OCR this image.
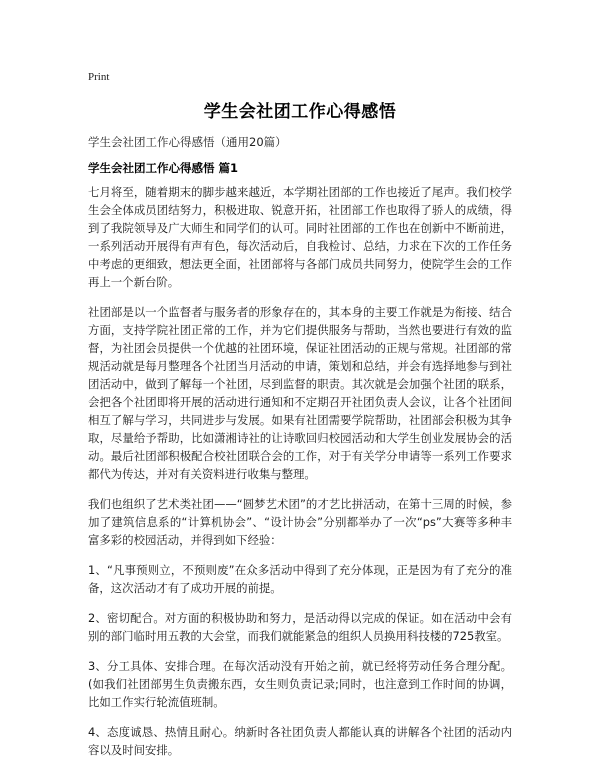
Print
学生会社团工作心得感悟
学生会社团工作心得感悟（通用20篇）
学生会社团工作心得感悟 篇1

七月将至，随着期末的脚步越来越近，本学期社团部的工作也接近了尾声。我们校学生会全体成员团结努力，积极进取、锐意开拓，社团部工作也取得了骄人的成绩，得到了我院领导及广大师生和同学们的认可。同时社团部的工作也在创新中不断前进，一系列活动开展得有声有色，每次活动后，自我检讨、总结，力求在下次的工作任务中考虑的更细致，想法更全面，社团部将与各部门成员共同努力，使院学生会的工作再上一个新台阶。

社团部是以一个监督者与服务者的形象存在的，其本身的主要工作就是为衔接、结合方面，支持学院社团正常的工作，并为它们提供服务与帮助，当然也要进行有效的监督，为社团会员提供一个优越的社团环境，保证社团活动的正规与常规。社团部的常规活动就是每月整理各个社团当月活动的申请，策划和总结，并会有选择地参与到社团活动中，做到了解每一个社团，尽到监督的职责。其次就是会加强个社团的联系，会把各个社团即将开展的活动进行通知和不定期召开社团负责人会议，让各个社团间相互了解与学习，共同进步与发展。如果有社团需要学院帮助，社团部会积极为其争取，尽量给予帮助，比如潇湘诗社的让诗歌回归校园活动和大学生创业发展协会的活动。最后社团部积极配合校社团联合会的工作，对于有关学分申请等一系列工作要求都代为传达，并对有关资料进行收集与整理。

我们也组织了艺术类社团——“圆梦艺术团”的才艺比拼活动，在第十三周的时候，参加了建筑信息系的“计算机协会”、“设计协会”分别都举办了一次“ps”大赛等多种丰富多彩的校园活动，并得到如下经验：

1、“凡事预则立，不预则废”在众多活动中得到了充分体现，正是因为有了充分的准备，这次活动才有了成功开展的前提。

2、密切配合。对方面的积极协助和努力，是活动得以完成的保证。如在活动中会有别的部门临时用五教的大会堂，而我们就能紧急的组织人员换用科技楼的725教室。

3、分工具体、安排合理。在每次活动没有开始之前，就已经将劳动任务合理分配。(如我们社团部男生负责搬东西，女生则负责记录;同时，也注意到工作时间的协调，比如工作实行轮流值班制。

4、态度诚恳、热情且耐心。纳新时各社团负责人都能认真的讲解各个社团的活动内容以及时间安排。
